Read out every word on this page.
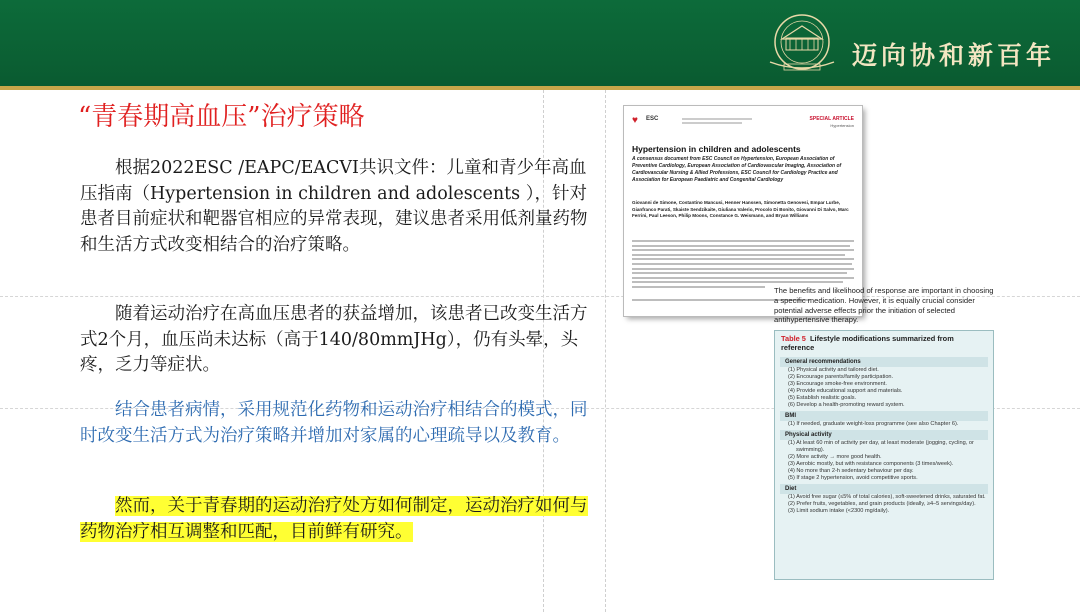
迈向协和新百年
“青春期高血压”治疗策略
根据2022ESC /EAPC/EACVI共识文件：儿童和青少年高血压指南（Hypertension in children and adolescents ），针对患者目前症状和靶器官相应的异常表现，建议患者采用低剂量药物和生活方式改变相结合的治疗策略。
随着运动治疗在高血压患者的获益增加，该患者已改变生活方式2个月，血压尚未达标（高于140/80mmJHg），仍有头晕，头疼，乏力等症状。
结合患者病情，采用规范化药物和运动治疗相结合的模式，同时改变生活方式为治疗策略并增加对家属的心理疏导以及教育。
然而，关于青春期的运动治疗处方如何制定，运动治疗如何与药物治疗相互调整和匹配，目前鲜有研究。
♥	ESC	SPECIAL ARTICLE
Hypertension
Hypertension in children and adolescents
A consensus document from ESC Council on Hypertension, European Association of Preventive Cardiology, European Association of Cardiovascular Imaging, Association of Cardiovascular Nursing & Allied Professions, ESC Council for Cardiology Practice and Association for European Paediatric and Congenital Cardiology
Giovanni de Simone, Costantino Mancusi, Henner Hanssen, Simonetta Genovesi, Empar Lurbe, Gianfranco Parati, Skaiste Sendzikaite, Giuliana Valerio, Procolo Di Bonito, Giovanni Di Salvo, Marc Ferrini, Paul Leeson, Philip Moons, Constance G. Weismann, and Bryan Williams
The benefits and likelihood of response are important in choosing a specific medication. However, it is equally crucial consider potential adverse effects prior the initiation of selected antihypertensive therapy.
Table 5 Lifestyle modifications summarized from reference
General recommendations
(1) Physical activity and tailored diet.
(2) Encourage parents/family participation.
(3) Encourage smoke-free environment.
(4) Provide educational support and materials.
(5) Establish realistic goals.
(6) Develop a health-promoting reward system.
BMI
(1) If needed, graduate weight-loss programme (see also Chapter 6).
Physical activity
(1) At least 60 min of activity per day, at least moderate (jogging, cycling, or swimming).
(2) More activity → more good health.
(3) Aerobic mostly, but with resistance components (3 times/week).
(4) No more than 2-h sedentary behaviour per day.
(5) If stage 2 hypertension, avoid competitive sports.
Diet
(1) Avoid free sugar (≤5% of total calories), soft-sweetened drinks, saturated fat.
(2) Prefer fruits, vegetables, and grain products (ideally, ≥4–5 servings/day).
(3) Limit sodium intake (<2300 mg/daily).
